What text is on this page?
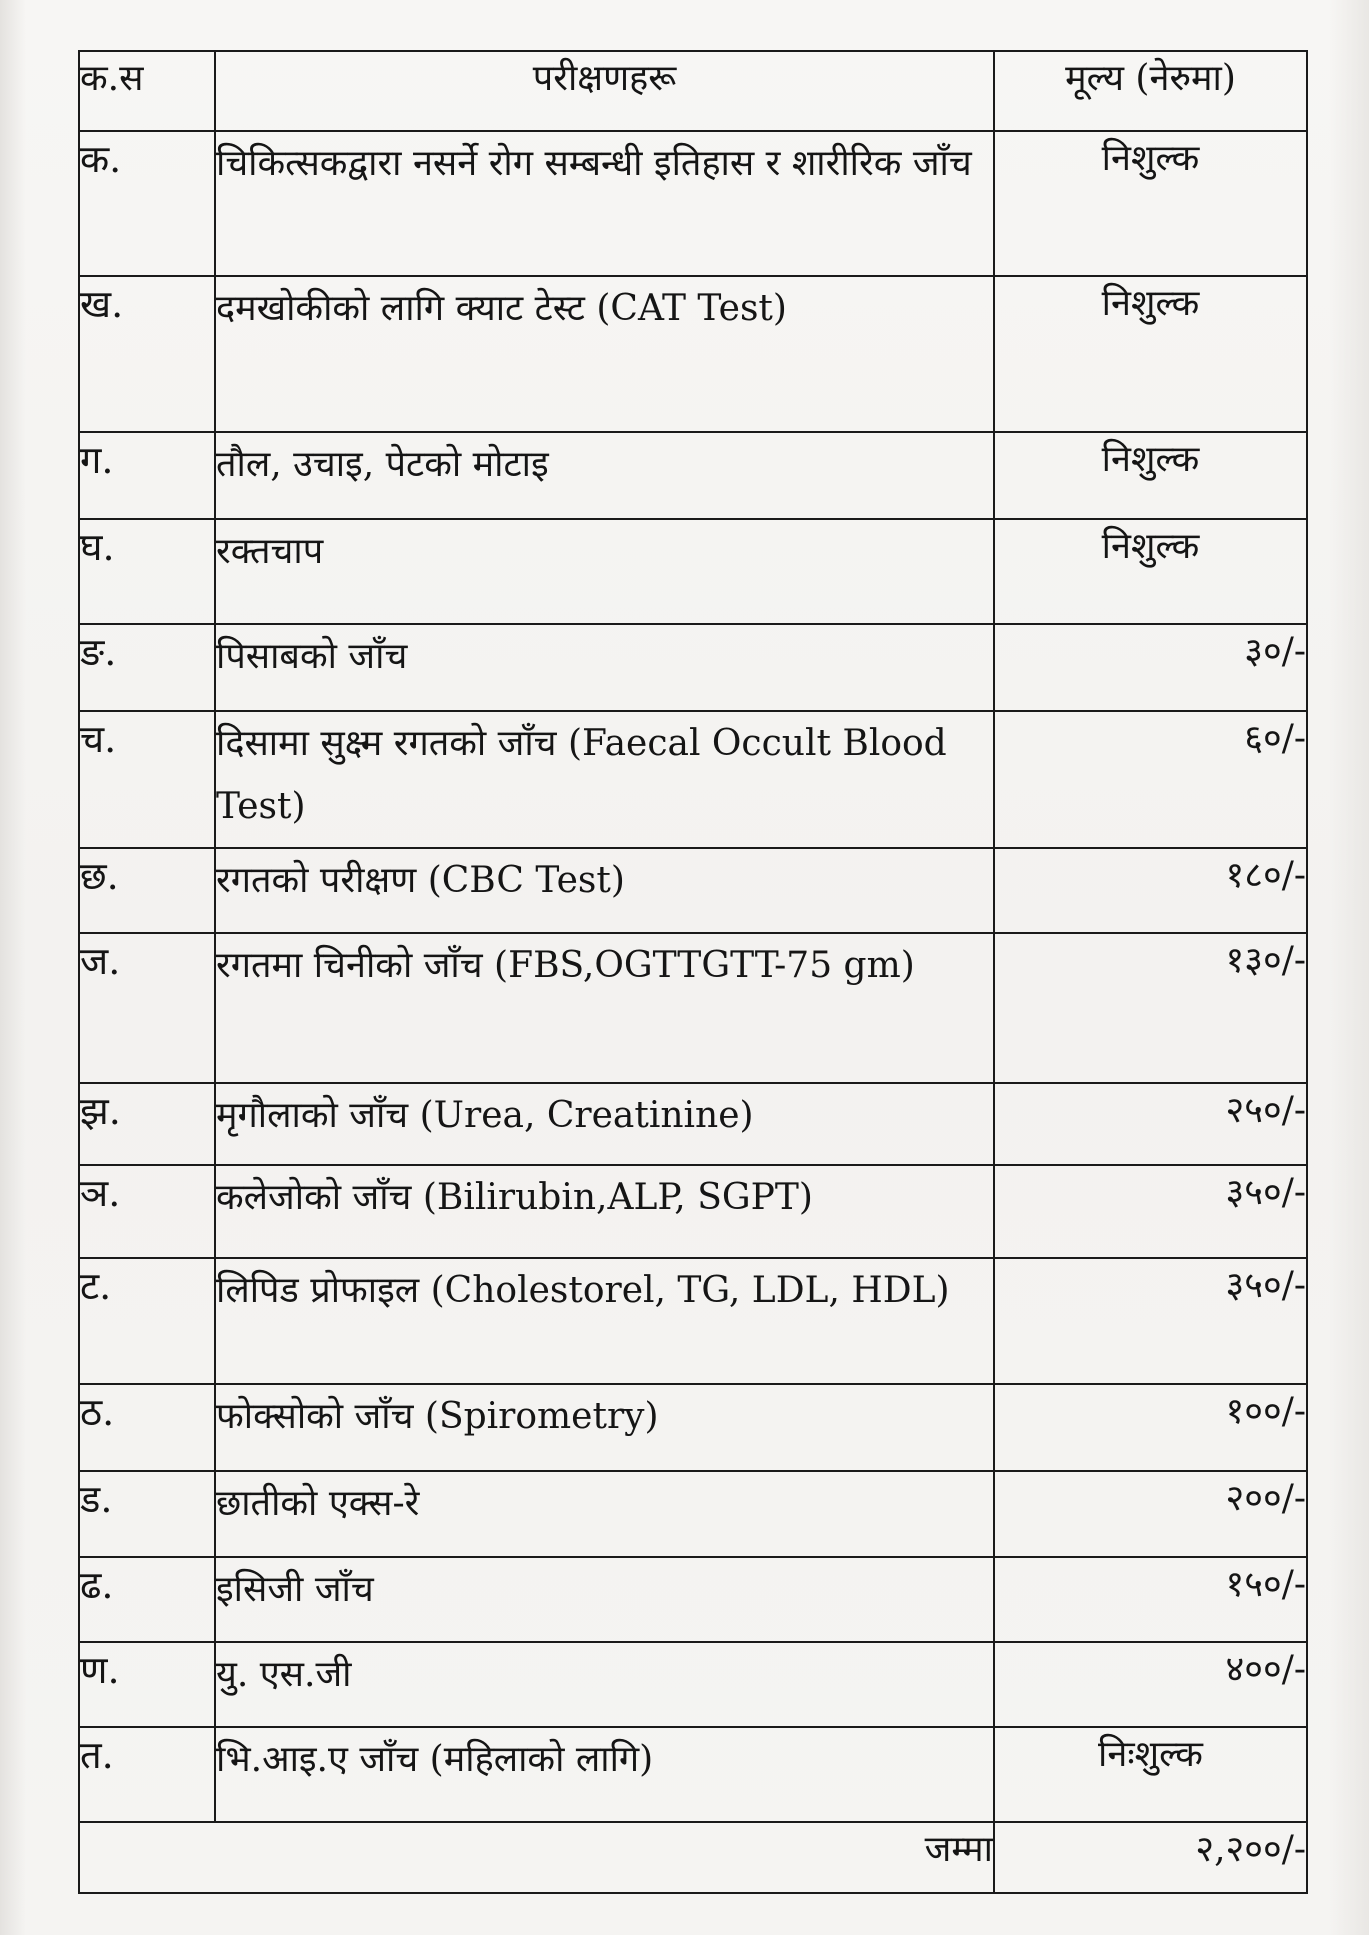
क.स	परीक्षणहरू	मूल्य (नेरुमा)
क.	चिकित्सकद्वारा नसर्ने रोग सम्बन्धी इतिहास र शारीरिक जाँच	निशुल्क
ख.	दमखोकीको लागि क्याट टेस्ट (CAT Test)	निशुल्क
ग.	तौल, उचाइ, पेटको मोटाइ	निशुल्क
घ.	रक्तचाप	निशुल्क
ङ.	पिसाबको जाँच	३०/-
च.	दिसामा सुक्ष्म रगतको जाँच (Faecal Occult Blood Test)	६०/-
छ.	रगतको परीक्षण (CBC Test)	१८०/-
ज.	रगतमा चिनीको जाँच (FBS,OGTTGTT-75 gm)	१३०/-
झ.	मृगौलाको जाँच (Urea, Creatinine)	२५०/-
ञ.	कलेजोको जाँच (Bilirubin,ALP, SGPT)	३५०/-
ट.	लिपिड प्रोफाइल (Cholestorel, TG, LDL, HDL)	३५०/-
ठ.	फोक्सोको जाँच (Spirometry)	१००/-
ड.	छातीको एक्स-रे	२००/-
ढ.	इसिजी जाँच	१५०/-
ण.	यु. एस.जी	४००/-
त.	भि.आइ.ए जाँच (महिलाको लागि)	निःशुल्क
जम्मा		२,२००/-
